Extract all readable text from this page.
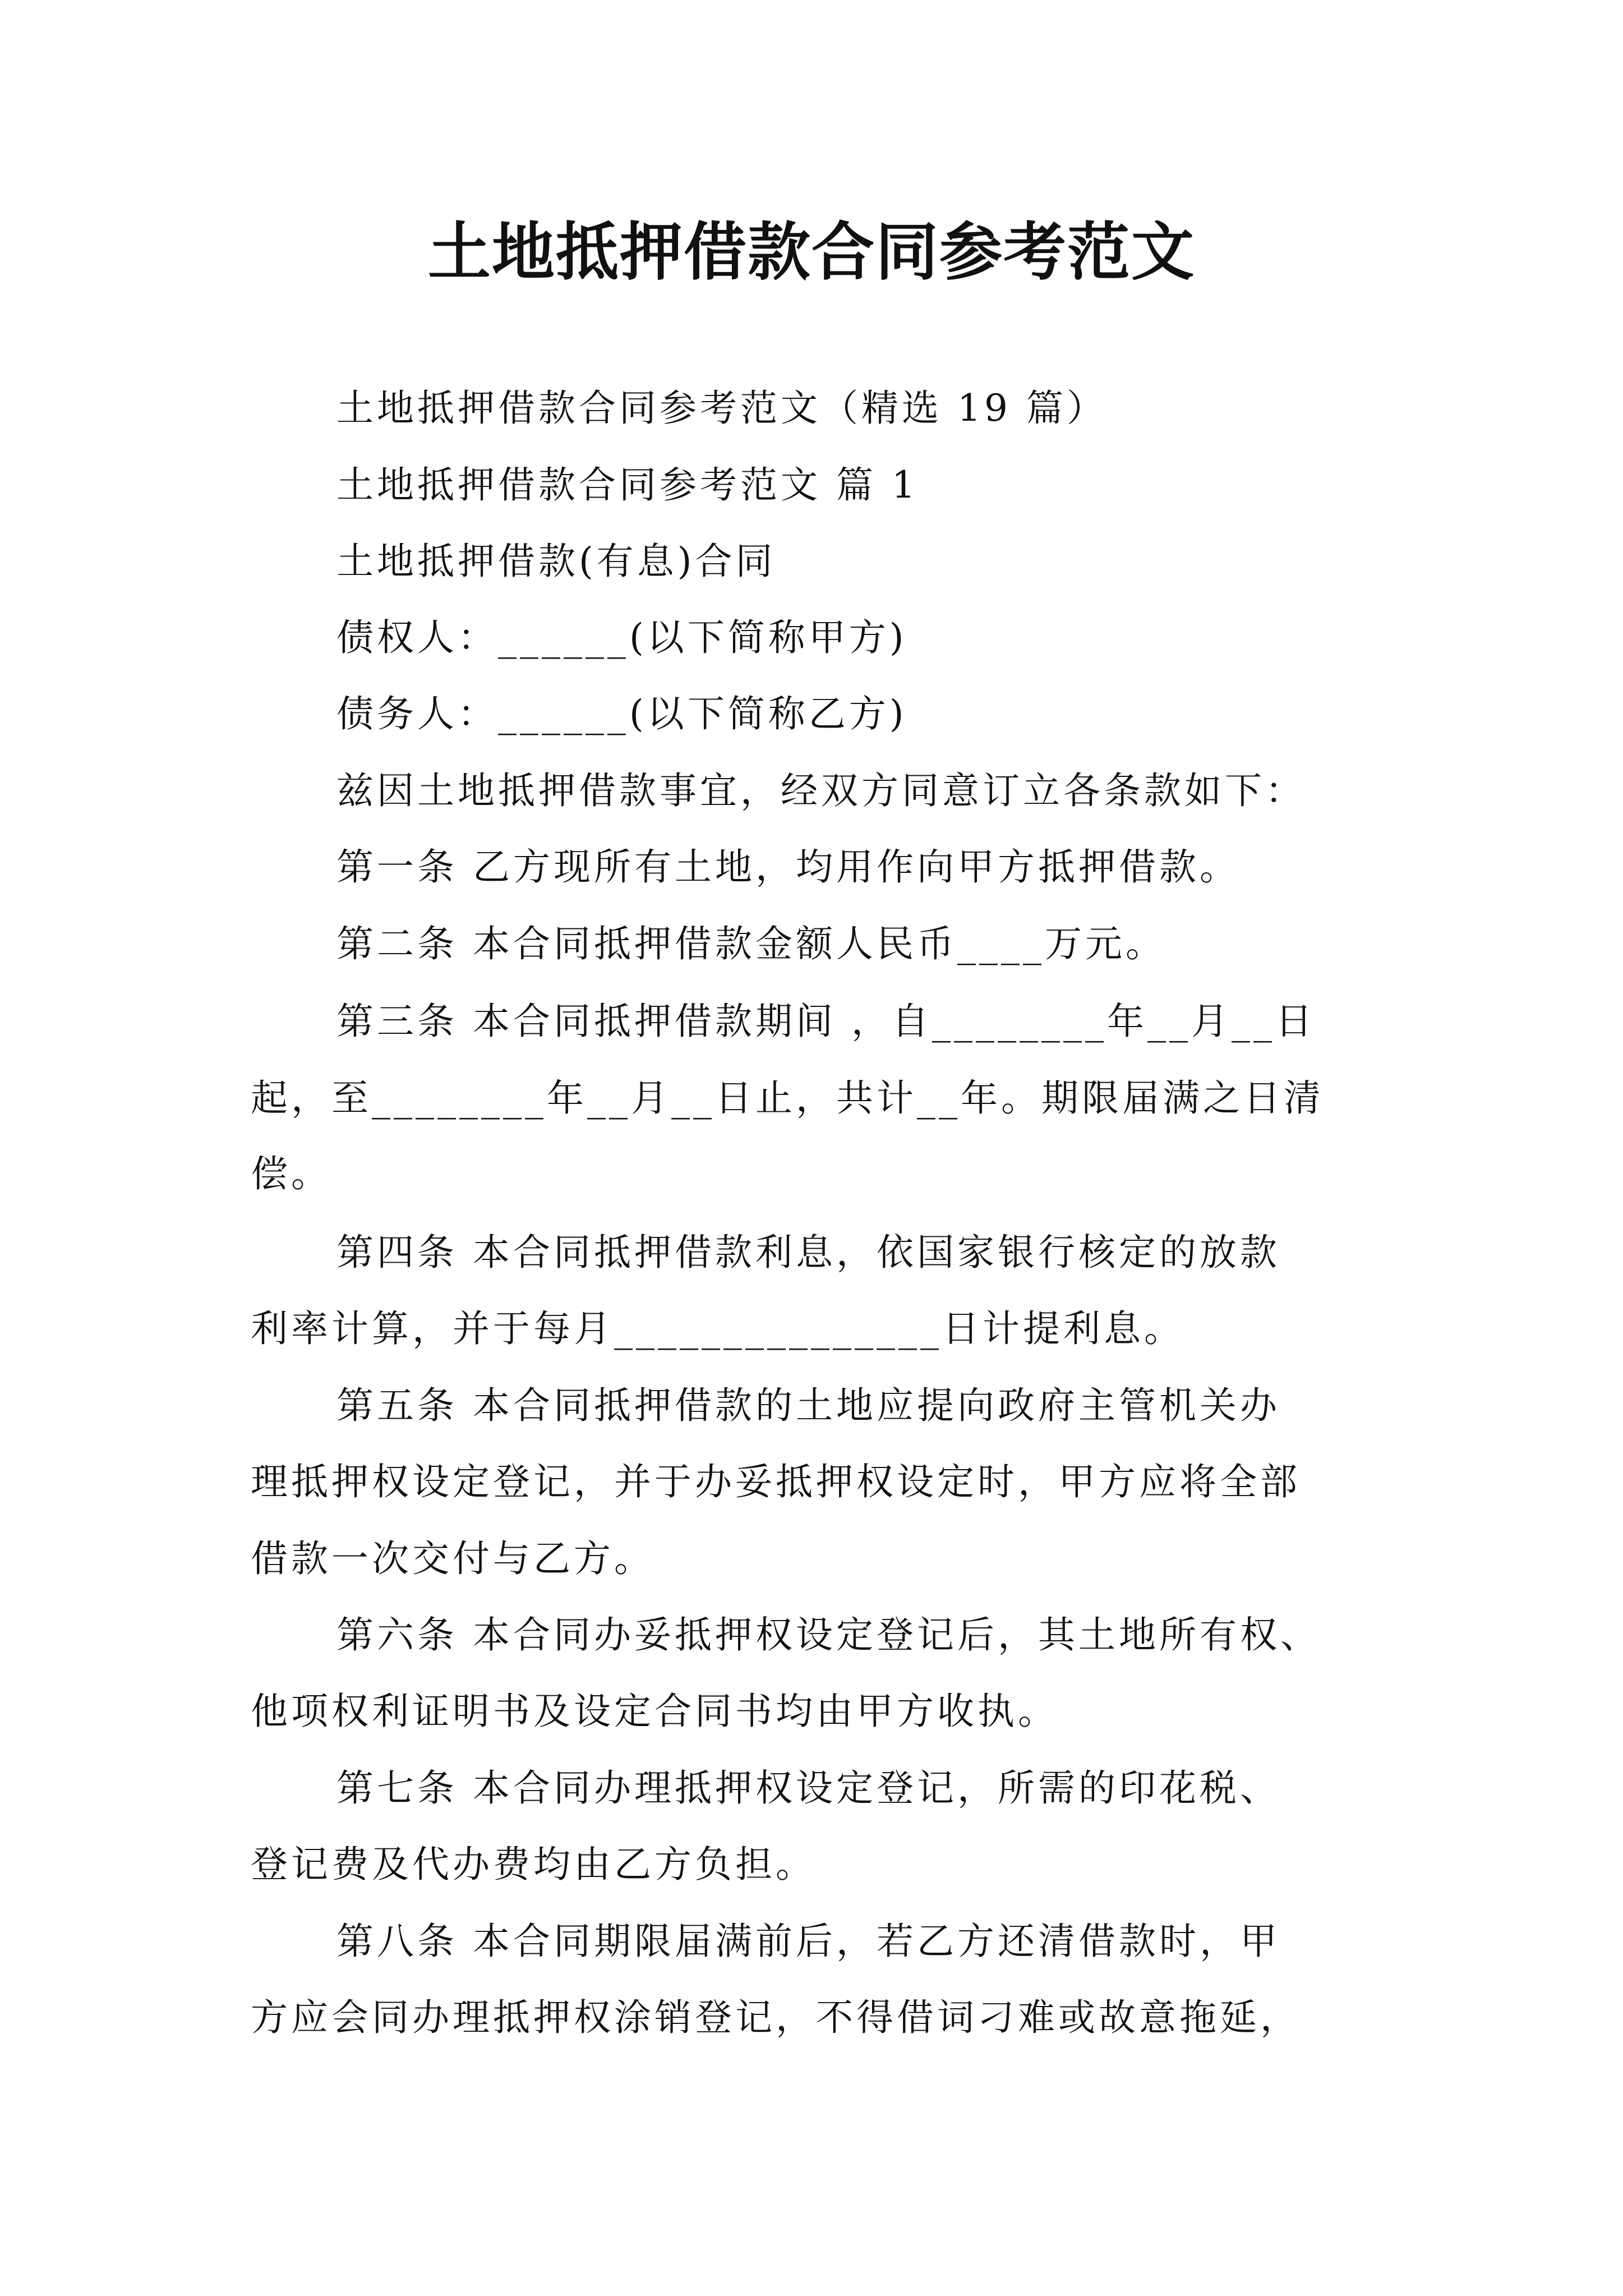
土地抵押借款合同参考范文
土地抵押借款合同参考范文（精选 19 篇）
土地抵押借款合同参考范文 篇 1
土地抵押借款(有息)合同
债权人：______(以下简称甲方)
债务人：______(以下简称乙方)
兹因土地抵押借款事宜，经双方同意订立各条款如下：
第一条 乙方现所有土地，均用作向甲方抵押借款。
第二条 本合同抵押借款金额人民币____万元。
第三条 本合同抵押借款期间 ，自________年__月__日
起，至________年__月__日止，共计__年。期限届满之日清
偿。
第四条 本合同抵押借款利息，依国家银行核定的放款
利率计算，并于每月_______________日计提利息。
第五条 本合同抵押借款的土地应提向政府主管机关办
理抵押权设定登记，并于办妥抵押权设定时，甲方应将全部
借款一次交付与乙方。
第六条 本合同办妥抵押权设定登记后，其土地所有权、
他项权利证明书及设定合同书均由甲方收执。
第七条 本合同办理抵押权设定登记，所需的印花税、
登记费及代办费均由乙方负担。
第八条 本合同期限届满前后，若乙方还清借款时，甲
方应会同办理抵押权涂销登记，不得借词刁难或故意拖延，
